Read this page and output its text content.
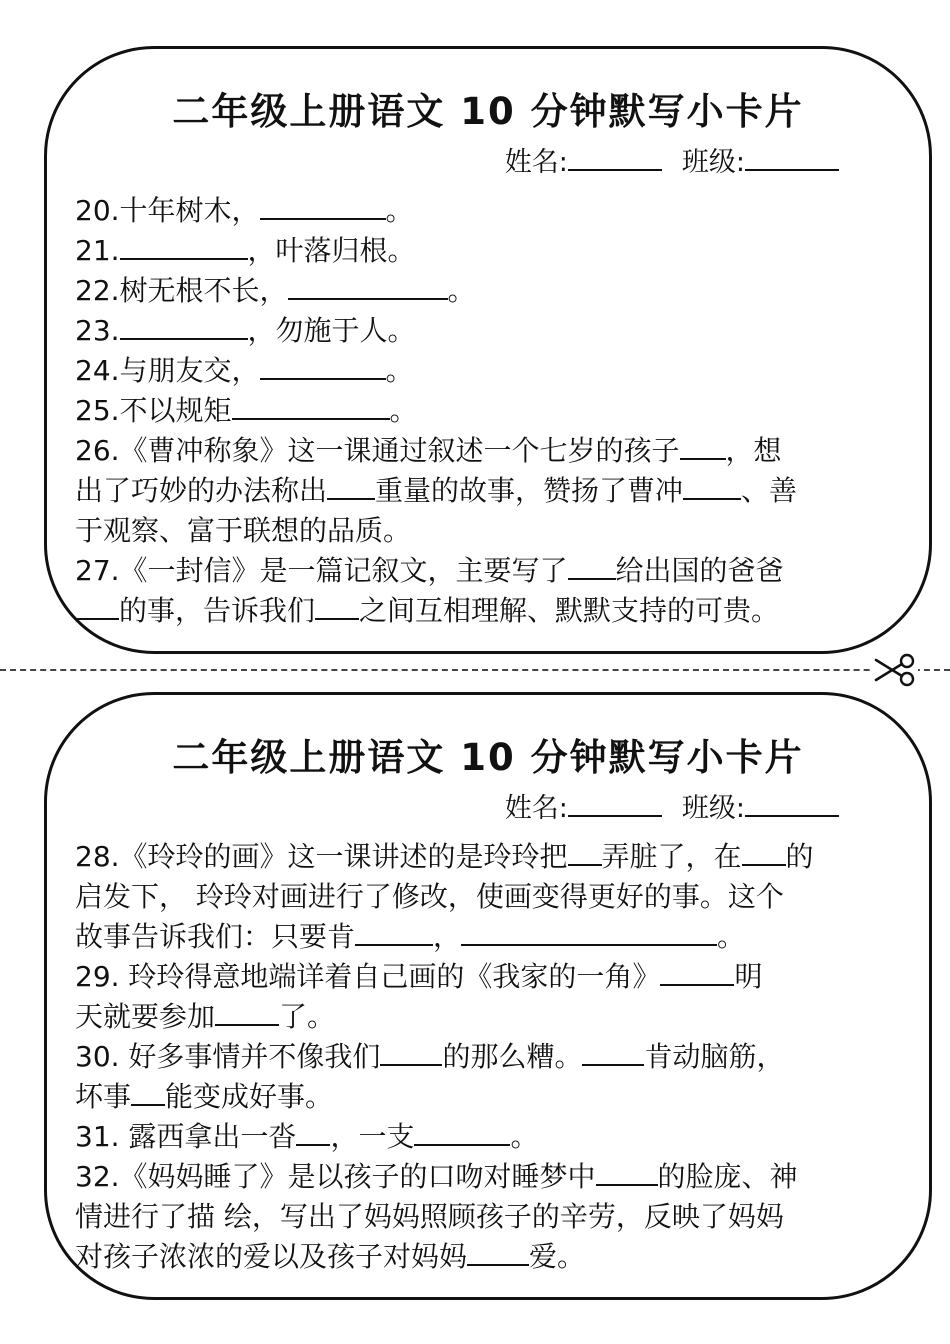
二年级上册语文 10 分钟默写小卡片
姓名:	班级:
20.十年树木，	。
21.	，叶落归根。
22.树无根不长，	。
23.	，勿施于人。
24.与朋友交，	。
25.不以规矩	。
26.《曹冲称象》这一课通过叙述一个七岁的孩子 ，想
出了巧妙的办法称出 重量的故事，赞扬了曹冲 、善
于观察、富于联想的品质。
27.《一封信》是一篇记叙文，主要写了 给出国的爸爸
的事，告诉我们 之间互相理解、默默支持的可贵。
二年级上册语文 10 分钟默写小卡片
姓名:	班级:
28.《玲玲的画》这一课讲述的是玲玲把 弄脏了，在 的
启发下， 玲玲对画进行了修改，使画变得更好的事。这个
故事告诉我们：只要肯	，	。
29. 玲玲得意地端详着自己画的《我家的一角》	明
天就要参加 了。
30. 好多事情并不像我们 的那么糟。 肯动脑筋，
坏事 能变成好事。
31. 露西拿出一沓 ，一支	。
32.《妈妈睡了》是以孩子的口吻对睡梦中 的脸庞、神
情进行了描 绘，写出了妈妈照顾孩子的辛劳，反映了妈妈
对孩子浓浓的爱以及孩子对妈妈 爱。
